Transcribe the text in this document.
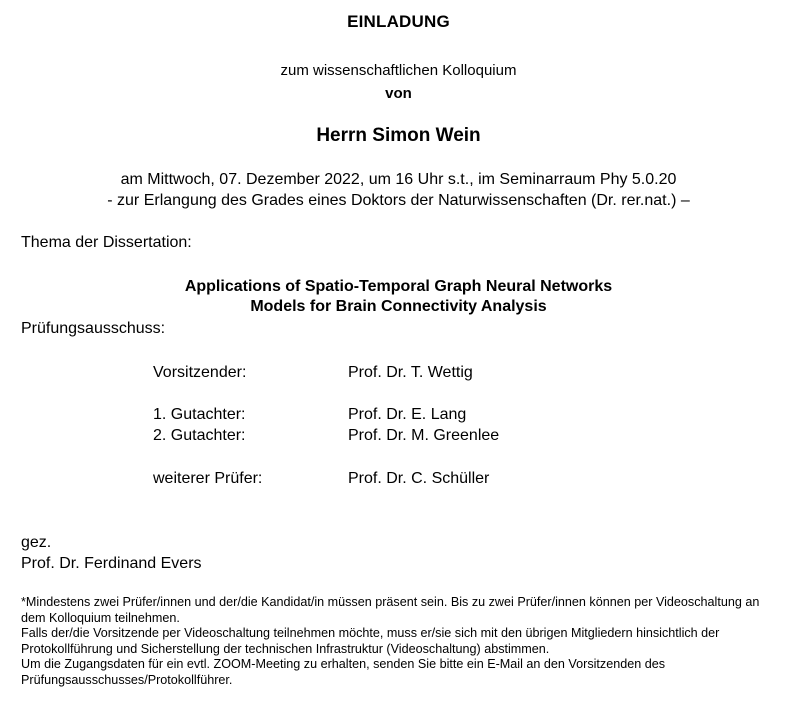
EINLADUNG
zum wissenschaftlichen Kolloquium
von
Herrn Simon Wein
am Mittwoch, 07. Dezember 2022, um 16 Uhr s.t., im Seminarraum Phy 5.0.20
- zur Erlangung des Grades eines Doktors der Naturwissenschaften (Dr. rer.nat.) –
Thema der Dissertation:
Applications of Spatio-Temporal Graph Neural Networks
Models for Brain Connectivity Analysis
Prüfungsausschuss:
Vorsitzender:	Prof. Dr. T. Wettig
1. Gutachter:	Prof. Dr. E. Lang
2. Gutachter:	Prof. Dr. M. Greenlee
weiterer Prüfer:	Prof. Dr. C. Schüller
gez.
Prof. Dr. Ferdinand Evers

*Mindestens zwei Prüfer/innen und der/die Kandidat/in müssen präsent sein. Bis zu zwei Prüfer/innen können per Videoschaltung an dem Kolloquium teilnehmen.

Falls der/die Vorsitzende per Videoschaltung teilnehmen möchte, muss er/sie sich mit den übrigen Mitgliedern hinsichtlich der Protokollführung und Sicherstellung der technischen Infrastruktur (Videoschaltung) abstimmen.

Um die Zugangsdaten für ein evtl. ZOOM-Meeting zu erhalten, senden Sie bitte ein E-Mail an den Vorsitzenden des Prüfungsausschusses/Protokollführer.
